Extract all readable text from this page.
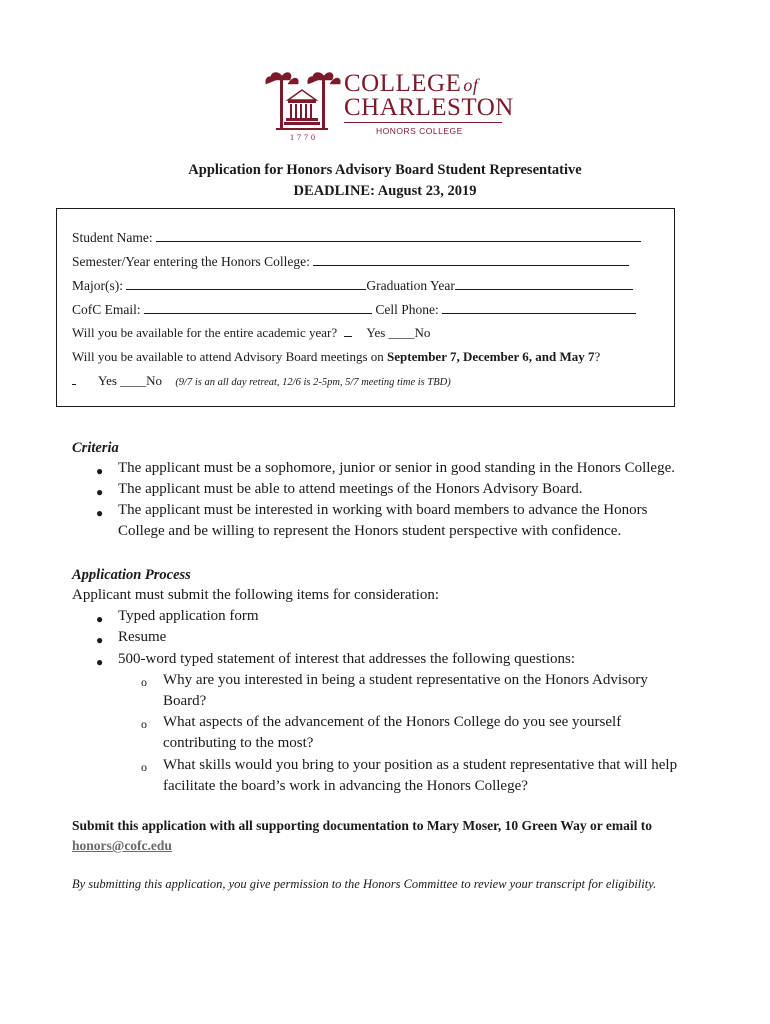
COLLEGE of
CHARLESTON
HONORS COLLEGE
1770
Application for Honors Advisory Board Student Representative
DEADLINE: August 23, 2019
Student Name:
Semester/Year entering the Honors College:
Major(s):	Graduation Year
CofC Email:	Cell Phone:
Will you be available for the entire academic year? Yes ____No
Will you be available to attend Advisory Board meetings on September 7, December 6, and May 7?
Yes ____No (9/7 is an all day retreat, 12/6 is 2-5pm, 5/7 meeting time is TBD)
Criteria
● The applicant must be a sophomore, junior or senior in good standing in the Honors College.
● The applicant must be able to attend meetings of the Honors Advisory Board.
● The applicant must be interested in working with board members to advance the Honors
College and be willing to represent the Honors student perspective with confidence.
Application Process
Applicant must submit the following items for consideration:
● Typed application form
● Resume
● 500-word typed statement of interest that addresses the following questions:
o Why are you interested in being a student representative on the Honors Advisory
Board?
o What aspects of the advancement of the Honors College do you see yourself
contributing to the most?
o What skills would you bring to your position as a student representative that will help
facilitate the board’s work in advancing the Honors College?
Submit this application with all supporting documentation to Mary Moser, 10 Green Way or email to
honors@cofc.edu
By submitting this application, you give permission to the Honors Committee to review your transcript for eligibility.
